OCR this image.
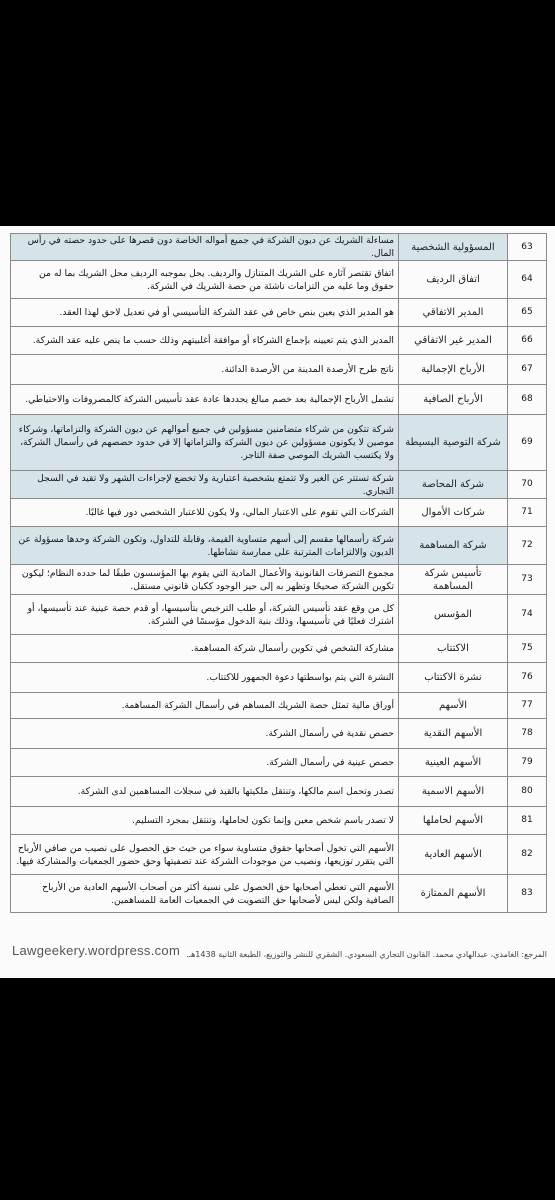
63	المسؤولية الشخصية	مساءلة الشريك عن ديون الشركة في جميع أمواله الخاصة دون قصرها على حدود حصته في رأس المال.
64	اتفاق الرديف	اتفاق تقتصر آثاره على الشريك المتنازل والرديف. يحل بموجبه الرديف محل الشريك بما له من حقوق وما عليه من التزامات ناشئة من حصة الشريك في الشركة.
65	المدير الاتفاقي	هو المدير الذي يعين بنص خاص في عقد الشركة التأسيسي أو في تعديل لاحق لهذا العقد.
66	المدير غير الاتفاقي	المدير الذي يتم تعيينه بإجماع الشركاء أو موافقة أغلبيتهم وذلك حسب ما ينص عليه عقد الشركة.
67	الأرباح الإجمالية	ناتج طرح الأرصدة المدينة من الأرصدة الدائنة.
68	الأرباح الصافية	تشمل الأرباح الإجمالية بعد خصم مبالغ يحددها عادة عقد تأسيس الشركة كالمصروفات والاحتياطي.
69	شركة التوصية البسيطة	شركة تتكون من شركاء متضامنين مسؤولين في جميع أموالهم عن ديون الشركة والتزاماتها، وشركاء موصين لا يكونون مسؤولين عن ديون الشركة والتزاماتها إلا في حدود حصصهم في رأسمال الشركة، ولا يكتسب الشريك الموصي صفة التاجر.
70	شركة المحاصة	شركة تستتر عن الغير ولا تتمتع بشخصية اعتبارية ولا تخضع لإجراءات الشهر ولا تقيد في السجل التجاري.
71	شركات الأموال	الشركات التي تقوم على الاعتبار المالي، ولا يكون للاعتبار الشخصي دور فيها غالبًا.
72	شركة المساهمة	شركة رأسمالها مقسم إلى أسهم متساوية القيمة، وقابلة للتداول، وتكون الشركة وحدها مسؤولة عن الديون والالتزامات المترتبة على ممارسة نشاطها.
73	تأسيس شركة المساهمة	مجموع التصرفات القانونية والأعمال المادية التي يقوم بها المؤسسون طبقًا لما حدده النظام؛ ليكون تكوين الشركة صحيحًا وتظهر به إلى حيز الوجود ككيان قانوني مستقل.
74	المؤسس	كل من وقع عقد تأسيس الشركة، أو طلب الترخيص بتأسيسها، أو قدم حصة عينية عند تأسيسها، أو اشترك فعليًا في تأسيسها، وذلك بنية الدخول مؤسسًا في الشركة.
75	الاكتتاب	مشاركة الشخص في تكوين رأسمال شركة المساهمة.
76	نشرة الاكتتاب	النشرة التي يتم بواسطتها دعوة الجمهور للاكتتاب.
77	الأسهم	أوراق مالية تمثل حصة الشريك المساهم في رأسمال الشركة المساهمة.
78	الأسهم النقدية	حصص نقدية في رأسمال الشركة.
79	الأسهم العينية	حصص عينية في رأسمال الشركة.
80	الأسهم الاسمية	تصدر وتحمل اسم مالكها، وتنتقل ملكيتها بالقيد في سجلات المساهمين لدى الشركة.
81	الأسهم لحاملها	لا تصدر باسم شخص معين وإنما تكون لحاملها، وتنتقل بمجرد التسليم.
82	الأسهم العادية	الأسهم التي تخول أصحابها حقوق متساوية سواء من حيث حق الحصول على نصيب من صافي الأرباح التي يتقرر توزيعها، ونصيب من موجودات الشركة عند تصفيتها وحق حضور الجمعيات والمشاركة فيها.
83	الأسهم الممتازة	الأسهم التي تعطي أصحابها حق الحصول على نسبة أكثر من أصحاب الأسهم العادية من الأرباح الصافية ولكن ليس لأصحابها حق التصويت في الجمعيات العامة للمساهمين.
Lawgeekery.wordpress.com المرجع: الغامدي، عبدالهادي محمد. القانون التجاري السعودي. الشقري للنشر والتوزيع، الطبعة الثانية 1438هـ.
